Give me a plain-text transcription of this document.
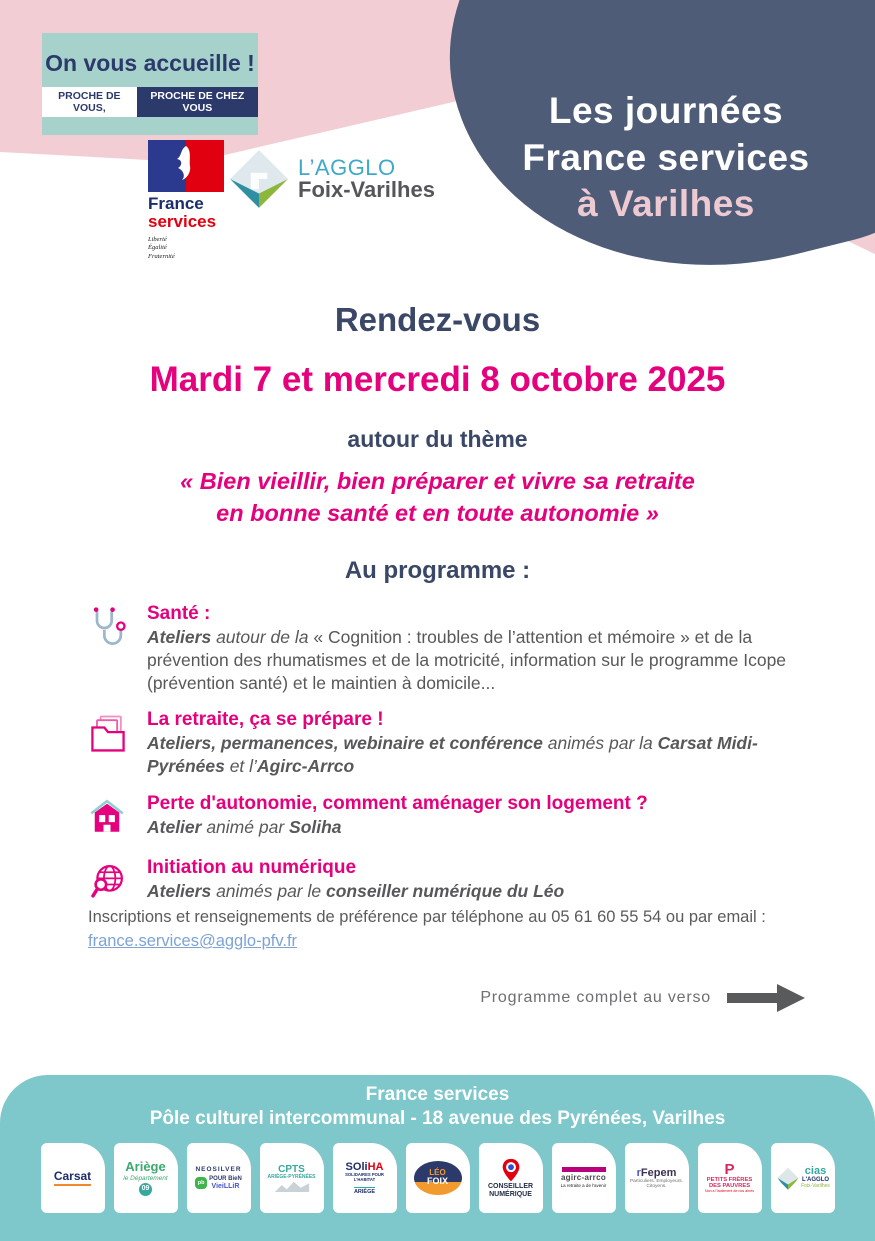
Les journées
France services
à Varilhes
On vous accueille !
PROCHE DE VOUS,
PROCHE DE CHEZ VOUS
France
services
Liberté
Égalité
Fraternité
L’AGGLO
Foix-Varilhes
Rendez-vous
Mardi 7 et mercredi 8 octobre 2025
autour du thème
« Bien vieillir, bien préparer et vivre sa retraite
en bonne santé et en toute autonomie »
Au programme :
Santé :
Ateliers autour de la « Cognition : troubles de l’attention et mémoire » et de la prévention des rhumatismes et de la motricité, information sur le programme Icope (prévention santé) et le maintien à domicile...
La retraite, ça se prépare !
Ateliers, permanences, webinaire et conférence animés par la Carsat Midi-Pyrénées et l’Agirc-Arrco
Perte d'autonomie, comment aménager son logement ?
Atelier animé par Soliha
Initiation au numérique
Ateliers animés par le conseiller numérique du Léo
Inscriptions et renseignements de préférence par téléphone au 05 61 60 55 54 ou par email :
france.services@agglo-pfv.fr
Programme complet au verso
France services
Pôle culturel intercommunal - 18 avenue des Pyrénées, Varilhes
Carsat
Ariège
le Département
09
NEOSILVER
pb
POUR BieN
VieiLLiR
CPTS
ARIÈGE-PYRÉNÉES
SOliHA
SOLIDAIRES POUR L'HABITAT
ARIÈGE
LÉO
FOIX	CONSEILLER
NUMÉRIQUE
agirc-arrco
La retraite a de l'avenir
rFepem
Particuliers. Employeurs.
Citoyens.
P
PETITS FRÈRES
DES PAUVRES
Non à l'isolement de nos aînés
cias
L'AGGLO
Foix-Varilhes
